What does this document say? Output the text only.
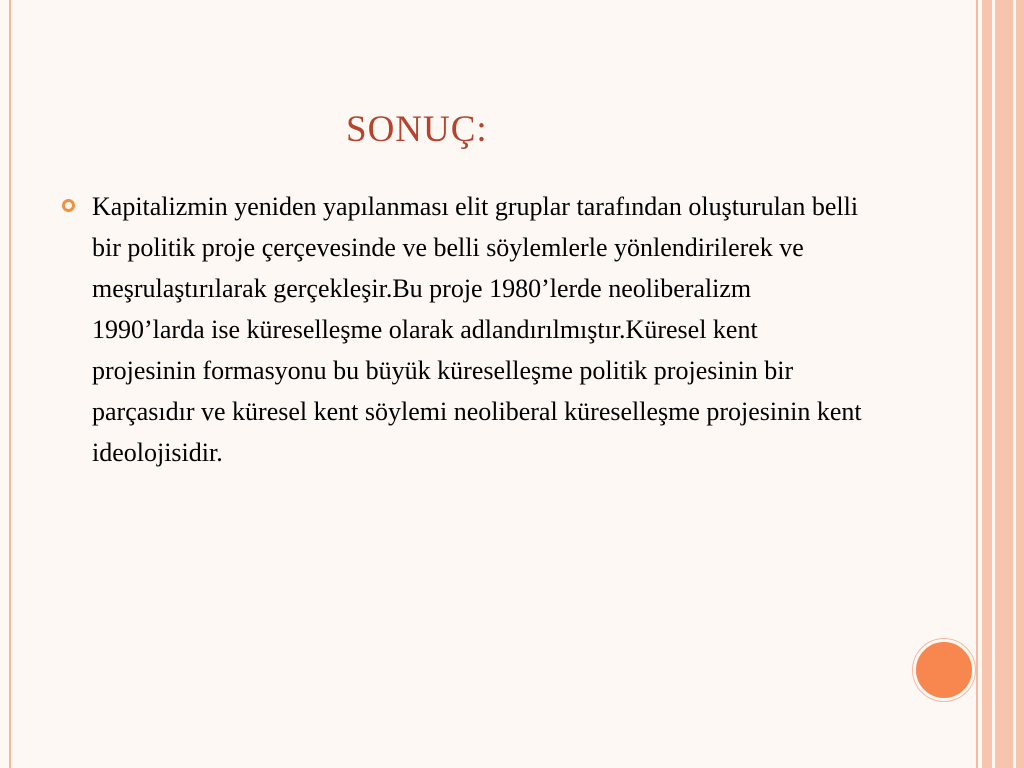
SONUÇ:

Kapitalizmin yeniden yapılanması elit gruplar tarafından oluşturulan belli bir politik proje çerçevesinde ve belli söylemlerle yönlendirilerek ve meşrulaştırılarak gerçekleşir.Bu proje 1980’lerde neoliberalizm 1990’larda ise küreselleşme olarak adlandırılmıştır.Küresel kent projesinin formasyonu bu büyük küreselleşme politik projesinin bir parçasıdır ve küresel kent söylemi neoliberal küreselleşme projesinin kent ideolojisidir.
